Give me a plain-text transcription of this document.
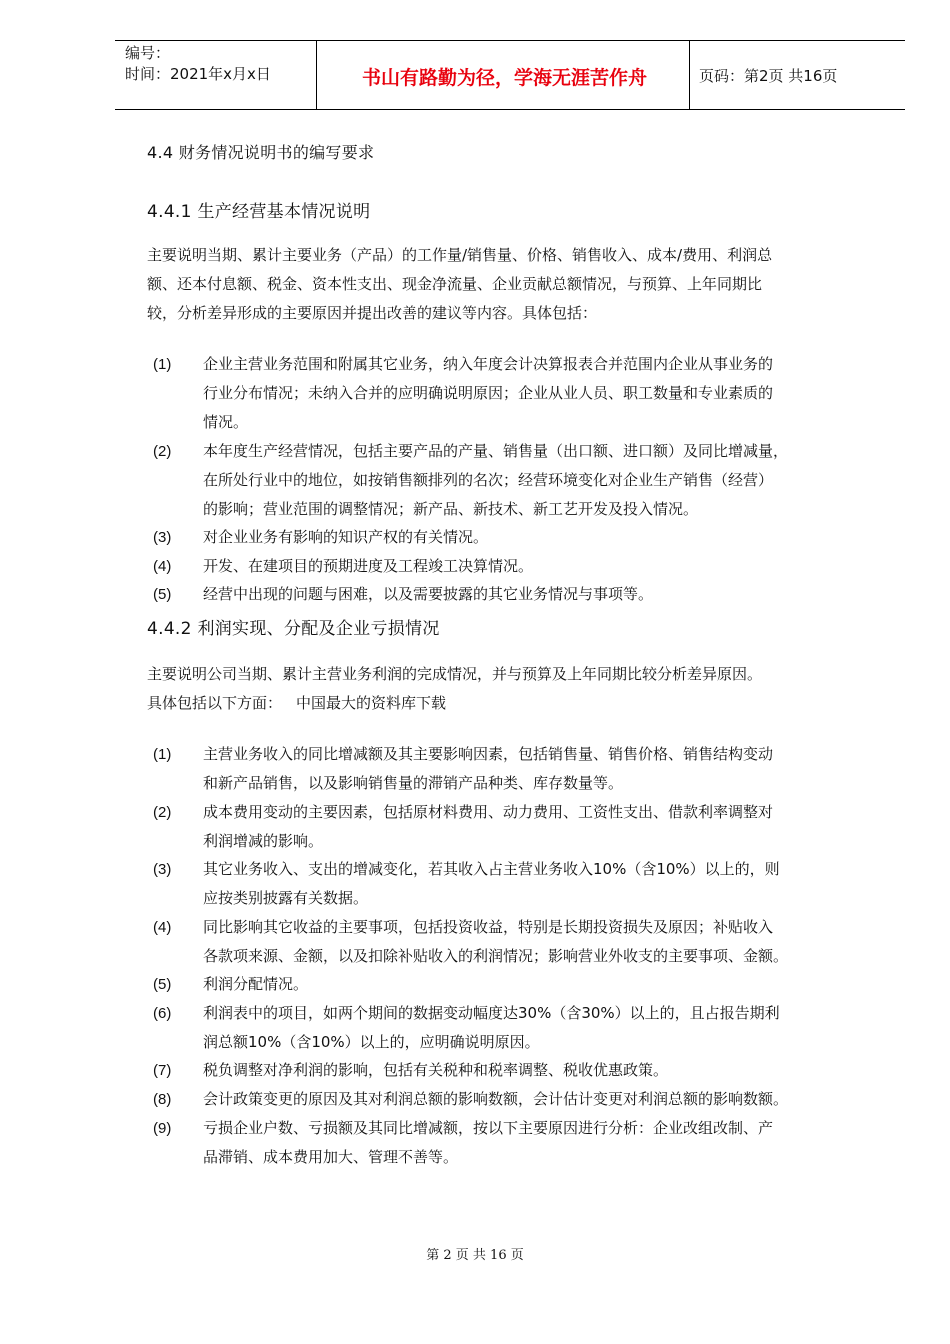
编号：
时间：2021年x月x日	书山有路勤为径，学海无涯苦作舟	页码：第2页 共16页
4.4 财务情况说明书的编写要求
4.4.1 生产经营基本情况说明
主要说明当期、累计主要业务（产品）的工作量/销售量、价格、销售收入、成本/费用、利润总
额、还本付息额、税金、资本性支出、现金净流量、企业贡献总额情况，与预算、上年同期比
较，分析差异形成的主要原因并提出改善的建议等内容。具体包括：
(1) 企业主营业务范围和附属其它业务，纳入年度会计决算报表合并范围内企业从事业务的
行业分布情况；未纳入合并的应明确说明原因；企业从业人员、职工数量和专业素质的
情况。
(2) 本年度生产经营情况，包括主要产品的产量、销售量（出口额、进口额）及同比增减量，
在所处行业中的地位，如按销售额排列的名次；经营环境变化对企业生产销售（经营）
的影响；营业范围的调整情况；新产品、新技术、新工艺开发及投入情况。
(3) 对企业业务有影响的知识产权的有关情况。
(4) 开发、在建项目的预期进度及工程竣工决算情况。
(5) 经营中出现的问题与困难，以及需要披露的其它业务情况与事项等。
4.4.2 利润实现、分配及企业亏损情况
主要说明公司当期、累计主营业务利润的完成情况，并与预算及上年同期比较分析差异原因。
具体包括以下方面： 中国最大的资料库下载
(1) 主营业务收入的同比增减额及其主要影响因素，包括销售量、销售价格、销售结构变动
和新产品销售，以及影响销售量的滞销产品种类、库存数量等。
(2) 成本费用变动的主要因素，包括原材料费用、动力费用、工资性支出、借款利率调整对
利润增减的影响。
(3) 其它业务收入、支出的增减变化，若其收入占主营业务收入10%（含10%）以上的，则
应按类别披露有关数据。
(4) 同比影响其它收益的主要事项，包括投资收益，特别是长期投资损失及原因；补贴收入
各款项来源、金额，以及扣除补贴收入的利润情况；影响营业外收支的主要事项、金额。
(5) 利润分配情况。
(6) 利润表中的项目，如两个期间的数据变动幅度达30%（含30%）以上的，且占报告期利
润总额10%（含10%）以上的，应明确说明原因。
(7) 税负调整对净利润的影响，包括有关税种和税率调整、税收优惠政策。
(8) 会计政策变更的原因及其对利润总额的影响数额，会计估计变更对利润总额的影响数额。
(9) 亏损企业户数、亏损额及其同比增减额，按以下主要原因进行分析：企业改组改制、产
品滞销、成本费用加大、管理不善等。
第 2 页 共 16 页
